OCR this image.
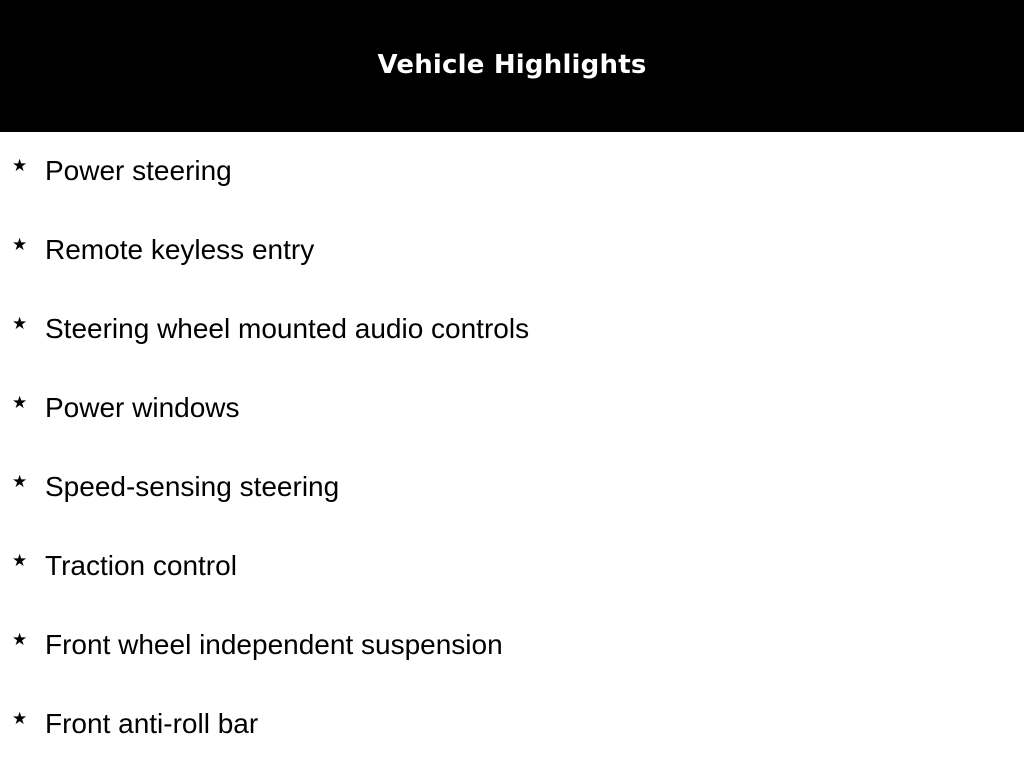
Vehicle Highlights
★ Power steering
★ Remote keyless entry
★ Steering wheel mounted audio controls
★ Power windows
★ Speed-sensing steering
★ Traction control
★ Front wheel independent suspension
★ Front anti-roll bar
